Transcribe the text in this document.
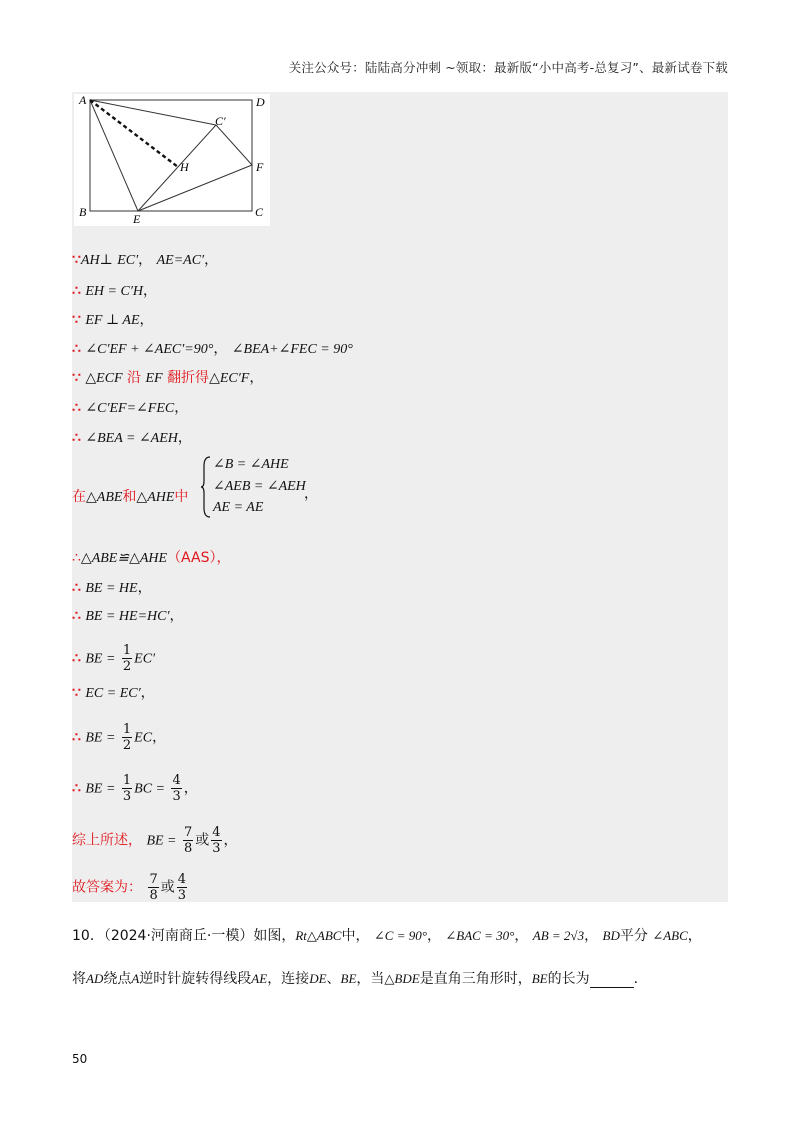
关注公众号：陆陆高分冲刺 ~领取：最新版“小中高考-总复习”、最新试卷下载
A	D
C′
H	F
B	E	C
∵AH⊥ EC′， AE=AC′，
∴ EH = C′H，
∵ EF ⊥ AE，
∴ ∠C′EF + ∠AEC′=90°， ∠BEA+∠FEC = 90°
∵ △ECF 沿 EF 翻折得△EC′F，
∴ ∠C′EF=∠FEC，
∴ ∠BEA = ∠AEH，
在△ABE和△AHE中
∠B = ∠AHE
∠AEB = ∠AEH
AE = AE
，
∴△ABE≌△AHE（AAS），
∴ BE = HE，
∴ BE = HE=HC′，
∴ BE = $\frac{1}{2} EC'$
∵ EC = EC′，
∴ BE = $\frac{1}{2}$ EC，
∴ BE = $\frac{1}{3}$ BC = $\frac{4}{3}$ ，
综上所述， BE = $\frac{7}{8}$ 或 $\frac{4}{3}$ ，
故答案为： $\frac{7}{8}$ 或 $\frac{4}{3}$
10．（2024·河南商丘·一模）如图，Rt△ABC中， ∠C = 90°， ∠BAC = 30°， AB = 2√3， BD平分 ∠ABC，
将AD绕点A逆时针旋转得线段AE，连接DE、BE，当△BDE是直角三角形时，BE的长为	.
50
